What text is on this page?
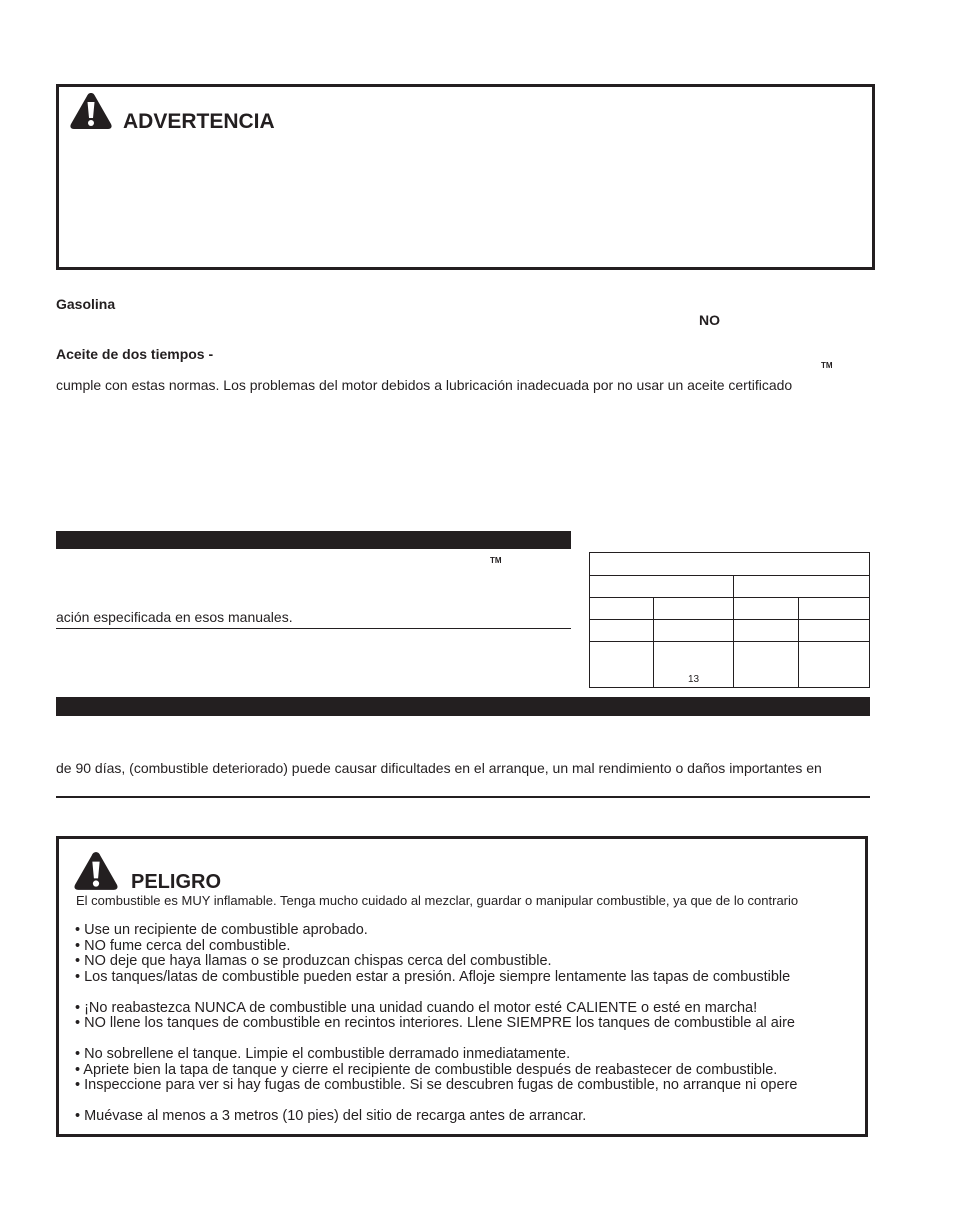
ADVERTENCIA
Gasolina
NO
Aceite de dos tiempos -
TM
cumple con estas normas. Los problemas del motor debidos a lubricación inadecuada por no usar un aceite certificado
TM
ación especificada en esos manuales.

	13		
de 90 días, (combustible deteriorado) puede causar dificultades en el arranque, un mal rendimiento o daños importantes en
PELIGRO
El combustible es MUY inflamable. Tenga mucho cuidado al mezclar, guardar o manipular combustible, ya que de lo contrario
• Use un recipiente de combustible aprobado.
• NO fume cerca del combustible.
• NO deje que haya llamas o se produzcan chispas cerca del combustible.
• Los tanques/latas de combustible pueden estar a presión. Afloje siempre lentamente las tapas de combustible
• ¡No reabastezca NUNCA de combustible una unidad cuando el motor esté CALIENTE o esté en marcha!
• NO llene los tanques de combustible en recintos interiores. Llene SIEMPRE los tanques de combustible al aire
• No sobrellene el tanque. Limpie el combustible derramado inmediatamente.
• Apriete bien la tapa de tanque y cierre el recipiente de combustible después de reabastecer de combustible.
• Inspeccione para ver si hay fugas de combustible. Si se descubren fugas de combustible, no arranque ni opere
• Muévase al menos a 3 metros (10 pies) del sitio de recarga antes de arrancar.
